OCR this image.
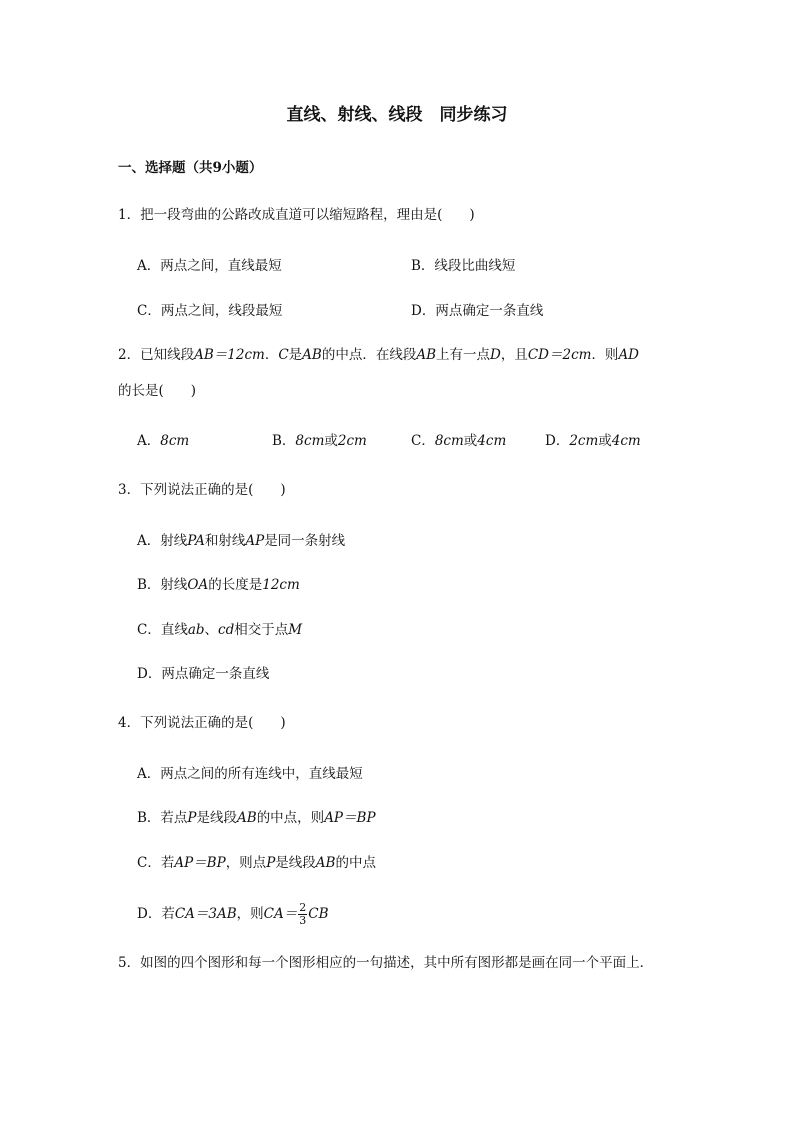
直线、射线、线段　同步练习
一、选择题（共9小题）
1．把一段弯曲的公路改成直道可以缩短路程，理由是(　　)
A．两点之间，直线最短	B．线段比曲线短
C．两点之间，线段最短	D．两点确定一条直线
2．已知线段AB＝12cm．C是AB的中点．在线段AB上有一点D，且CD＝2cm．则AD
的长是(　　)
A．8cm	B．8cm或2cm	C．8cm或4cm	D．2cm或4cm
3．下列说法正确的是(　　)
A．射线PA和射线AP是同一条射线
B．射线OA的长度是12cm
C．直线ab、cd相交于点M
D．两点确定一条直线
4．下列说法正确的是(　　)
A．两点之间的所有连线中，直线最短
B．若点P是线段AB的中点，则AP＝BP
C．若AP＝BP，则点P是线段AB的中点
D．若CA＝3AB，则$CA= \frac{2}{3}$ CB
5．如图的四个图形和每一个图形相应的一句描述，其中所有图形都是画在同一个平面上．
